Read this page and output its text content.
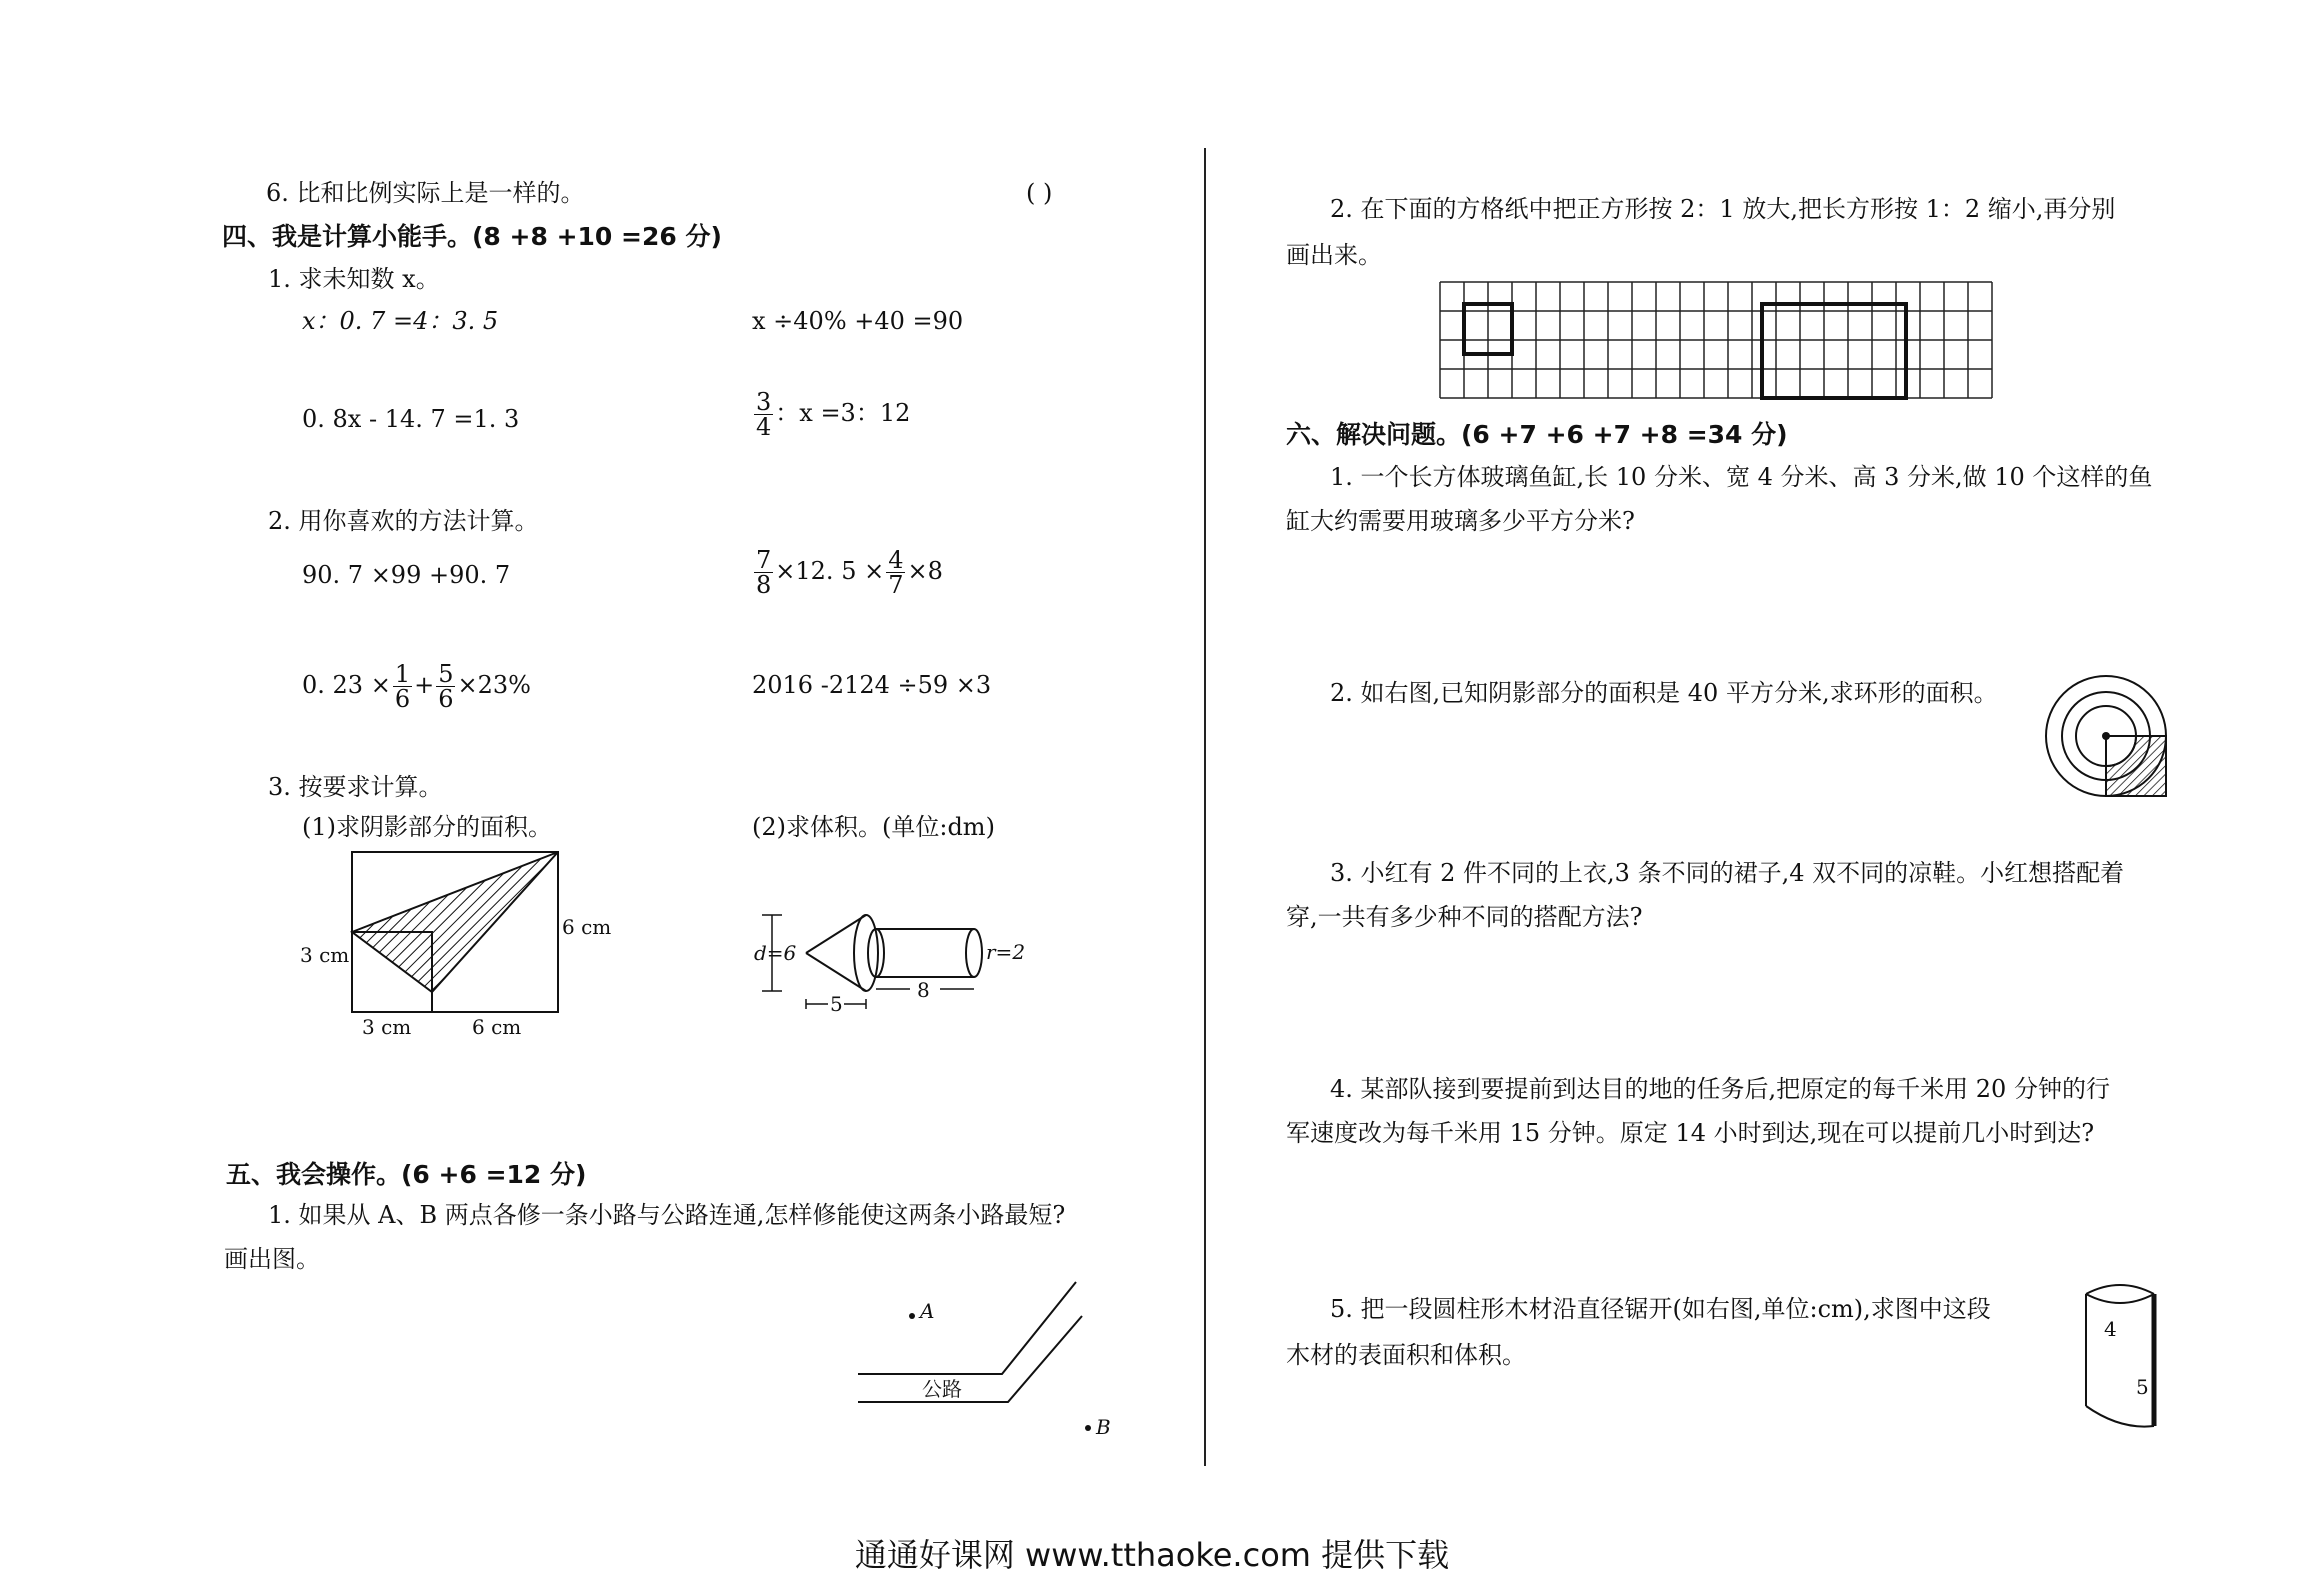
6. 比和比例实际上是一样的。	( )
四、我是计算小能手。(8 +8 +10 =26 分)
1. 求未知数 x。
x：0. 7 =4：3. 5	x ÷40% +40 =90
0. 8x - 14. 7 =1. 3	$\frac{3}{4}$ ：x =3：12
2. 用你喜欢的方法计算。
90. 7 ×99 +90. 7	$\frac{7}{8} \times 12$. $5 \times \frac{4}{7} \times 8$
0. $23 \times \frac{1}{6} + \frac{5}{6} \times 23\%$	2016 -2124 ÷59 ×3
3. 按要求计算。
(1)求阴影部分的面积。	(2)求体积。(单位:dm)
3 cm
6 cm
3 cm	6 cm
d=6
5
8
r=2
五、我会操作。(6 +6 =12 分)
1. 如果从 A、B 两点各修一条小路与公路连通,怎样修能使这两条小路最短?
画出图。
A
公路
B
2. 在下面的方格纸中把正方形按 2：1 放大,把长方形按 1：2 缩小,再分别
画出来。
六、解决问题。(6 +7 +6 +7 +8 =34 分)
1. 一个长方体玻璃鱼缸,长 10 分米、宽 4 分米、高 3 分米,做 10 个这样的鱼
缸大约需要用玻璃多少平方分米?
2. 如右图,已知阴影部分的面积是 40 平方分米,求环形的面积。
3. 小红有 2 件不同的上衣,3 条不同的裙子,4 双不同的凉鞋。小红想搭配着
穿,一共有多少种不同的搭配方法?
4. 某部队接到要提前到达目的地的任务后,把原定的每千米用 20 分钟的行
军速度改为每千米用 15 分钟。原定 14 小时到达,现在可以提前几小时到达?
5. 把一段圆柱形木材沿直径锯开(如右图,单位:cm),求图中这段
木材的表面积和体积。
4
5
通通好课网 www.tthaoke.com 提供下载
